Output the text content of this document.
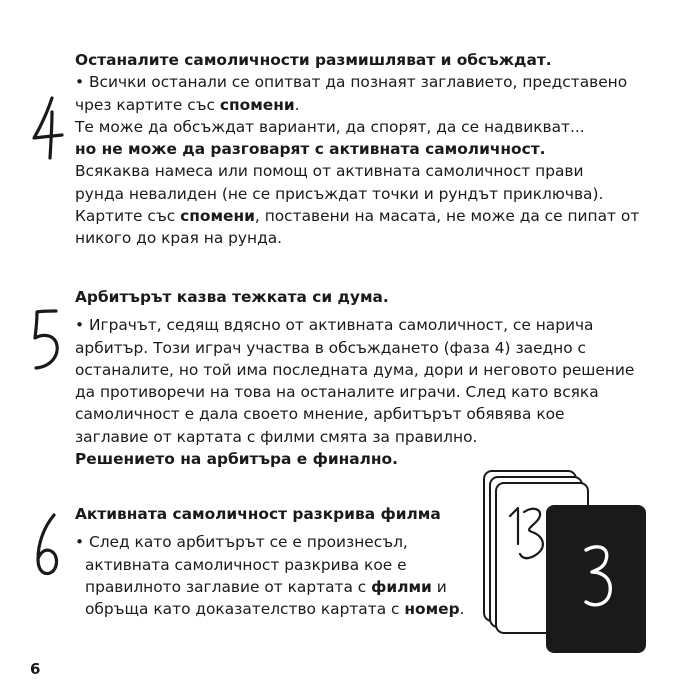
Останалите самоличности размишляват и обсъждат.

• Всички останали се опитват да познаят заглавието, представено

чрез картите със спомени.

Те може да обсъждат варианти, да спорят, да се надвикват...

но не може да разговарят с активната самоличност.

Всякаква намеса или помощ от активната самоличност прави

рунда невалиден (не се присъждат точки и рундът приключва).

Картите със спомени, поставени на масата, не може да се пипат от

никого до края на рунда.

Арбитърът казва тежката си дума.

• Играчът, седящ вдясно от активната самоличност, се нарича

арбитър. Този играч участва в обсъждането (фаза 4) заедно с

останалите, но той има последната дума, дори и неговото решение

да противоречи на това на останалите играчи. След като всяка

самоличност е дала своето мнение, арбитърът обявява кое

заглавие от картата с филми смята за правилно.

Решението на арбитъра е финално.

Активната самоличност разкрива филма

• След като арбитърът се е произнесъл,

активната самоличност разкрива кое е

правилното заглавие от картата с филми и

обръща като доказателство картата с номер.

6
